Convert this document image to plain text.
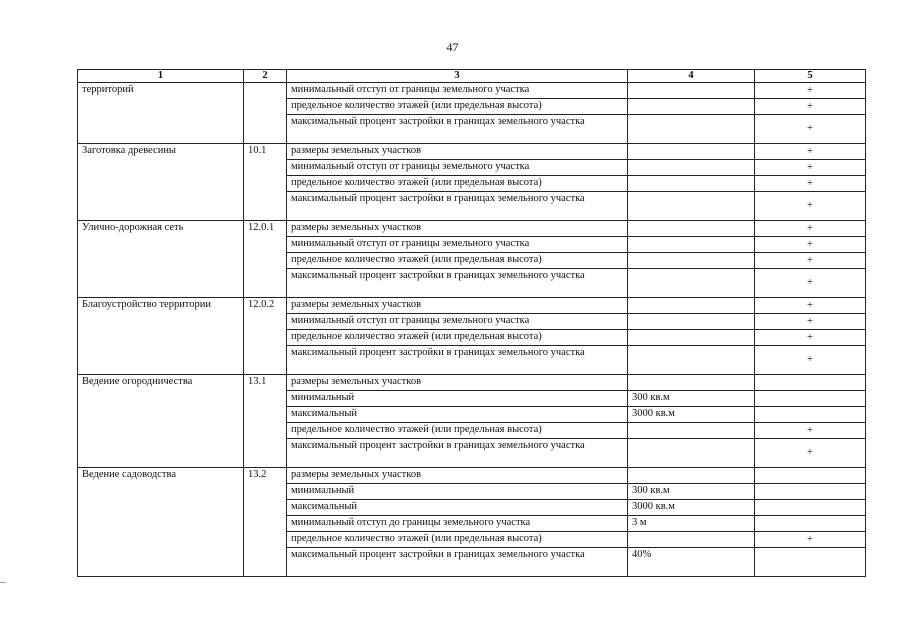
47
1	2	3	4	5
территорий		минимальный отступ от границы земельного участка		+
		предельное количество этажей (или предельная высота)		+
		максимальный процент застройки в границах земельного участка		+
Заготовка древесины	10.1	размеры земельных участков		+
		минимальный отступ от границы земельного участка		+
		предельное количество этажей (или предельная высота)		+
		максимальный процент застройки в границах земельного участка		+
Улично-дорожная сеть	12.0.1	размеры земельных участков		+
		минимальный отступ от границы земельного участка		+
		предельное количество этажей (или предельная высота)		+
		максимальный процент застройки в границах земельного участка		+
Благоустройство территории	12.0.2	размеры земельных участков		+
		минимальный отступ от границы земельного участка		+
		предельное количество этажей (или предельная высота)		+
		максимальный процент застройки в границах земельного участка		+
Ведение огородничества	13.1	размеры земельных участков		
		минимальный	300 кв.м	
		максимальный	3000 кв.м	
		предельное количество этажей (или предельная высота)		+
		максимальный процент застройки в границах земельного участка		+
Ведение садоводства	13.2	размеры земельных участков		
		минимальный	300 кв.м	
		максимальный	3000 кв.м	
		минимальный отступ до границы земельного участка	3 м	
		предельное количество этажей (или предельная высота)		+
		максимальный процент застройки в границах земельного участка	40%	
